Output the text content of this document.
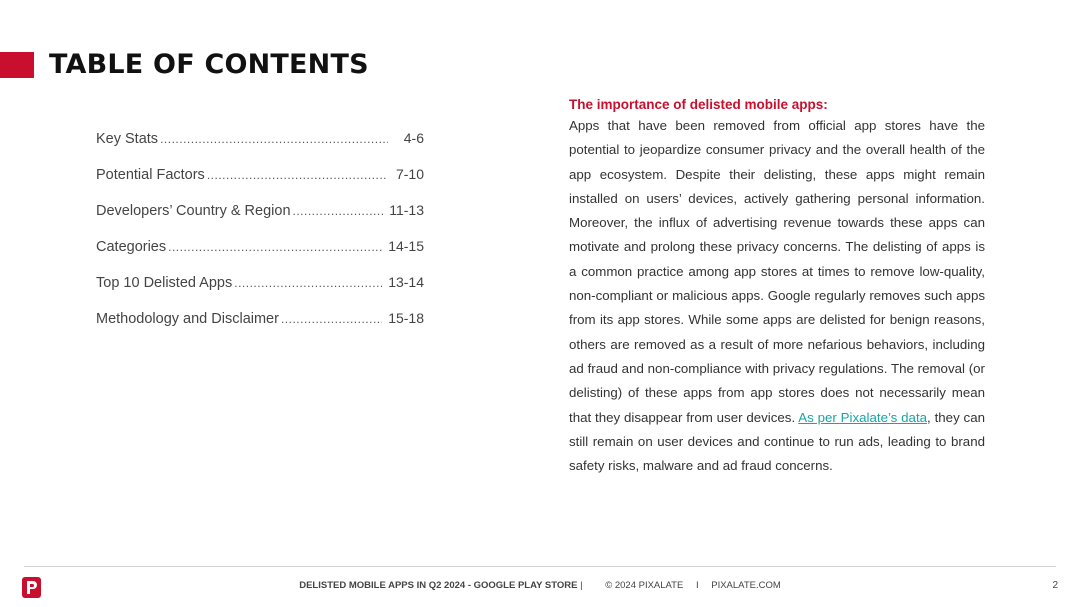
TABLE OF CONTENTS
Key Stats .....	4-6
Potential Factors .....	7-10
Developers’ Country & Region .....	11-13
Categories .....	14-15
Top 10 Delisted Apps .....	13-14
Methodology and Disclaimer .....	15-18
The importance of delisted mobile apps:

Apps that have been removed from official app stores have the potential to jeopardize consumer privacy and the overall health of the app ecosystem. Despite their delisting, these apps might remain installed on users’ devices, actively gathering personal information. Moreover, the influx of advertising revenue towards these apps can motivate and prolong these privacy concerns. The delisting of apps is a common practice among app stores at times to remove low-quality, non-compliant or malicious apps. Google regularly removes such apps from its app stores. While some apps are delisted for benign reasons, others are removed as a result of more nefarious behaviors, including ad fraud and non-compliance with privacy regulations. The removal (or delisting) of these apps from app stores does not necessarily mean that they disappear from user devices. As per Pixalate’s data, they can still remain on user devices and continue to run ads, leading to brand safety risks, malware and ad fraud concerns.

DELISTED MOBILE APPS IN Q2 2024 - GOOGLE PLAY STORE | © 2024 PIXALATE I PIXALATE.COM	2
